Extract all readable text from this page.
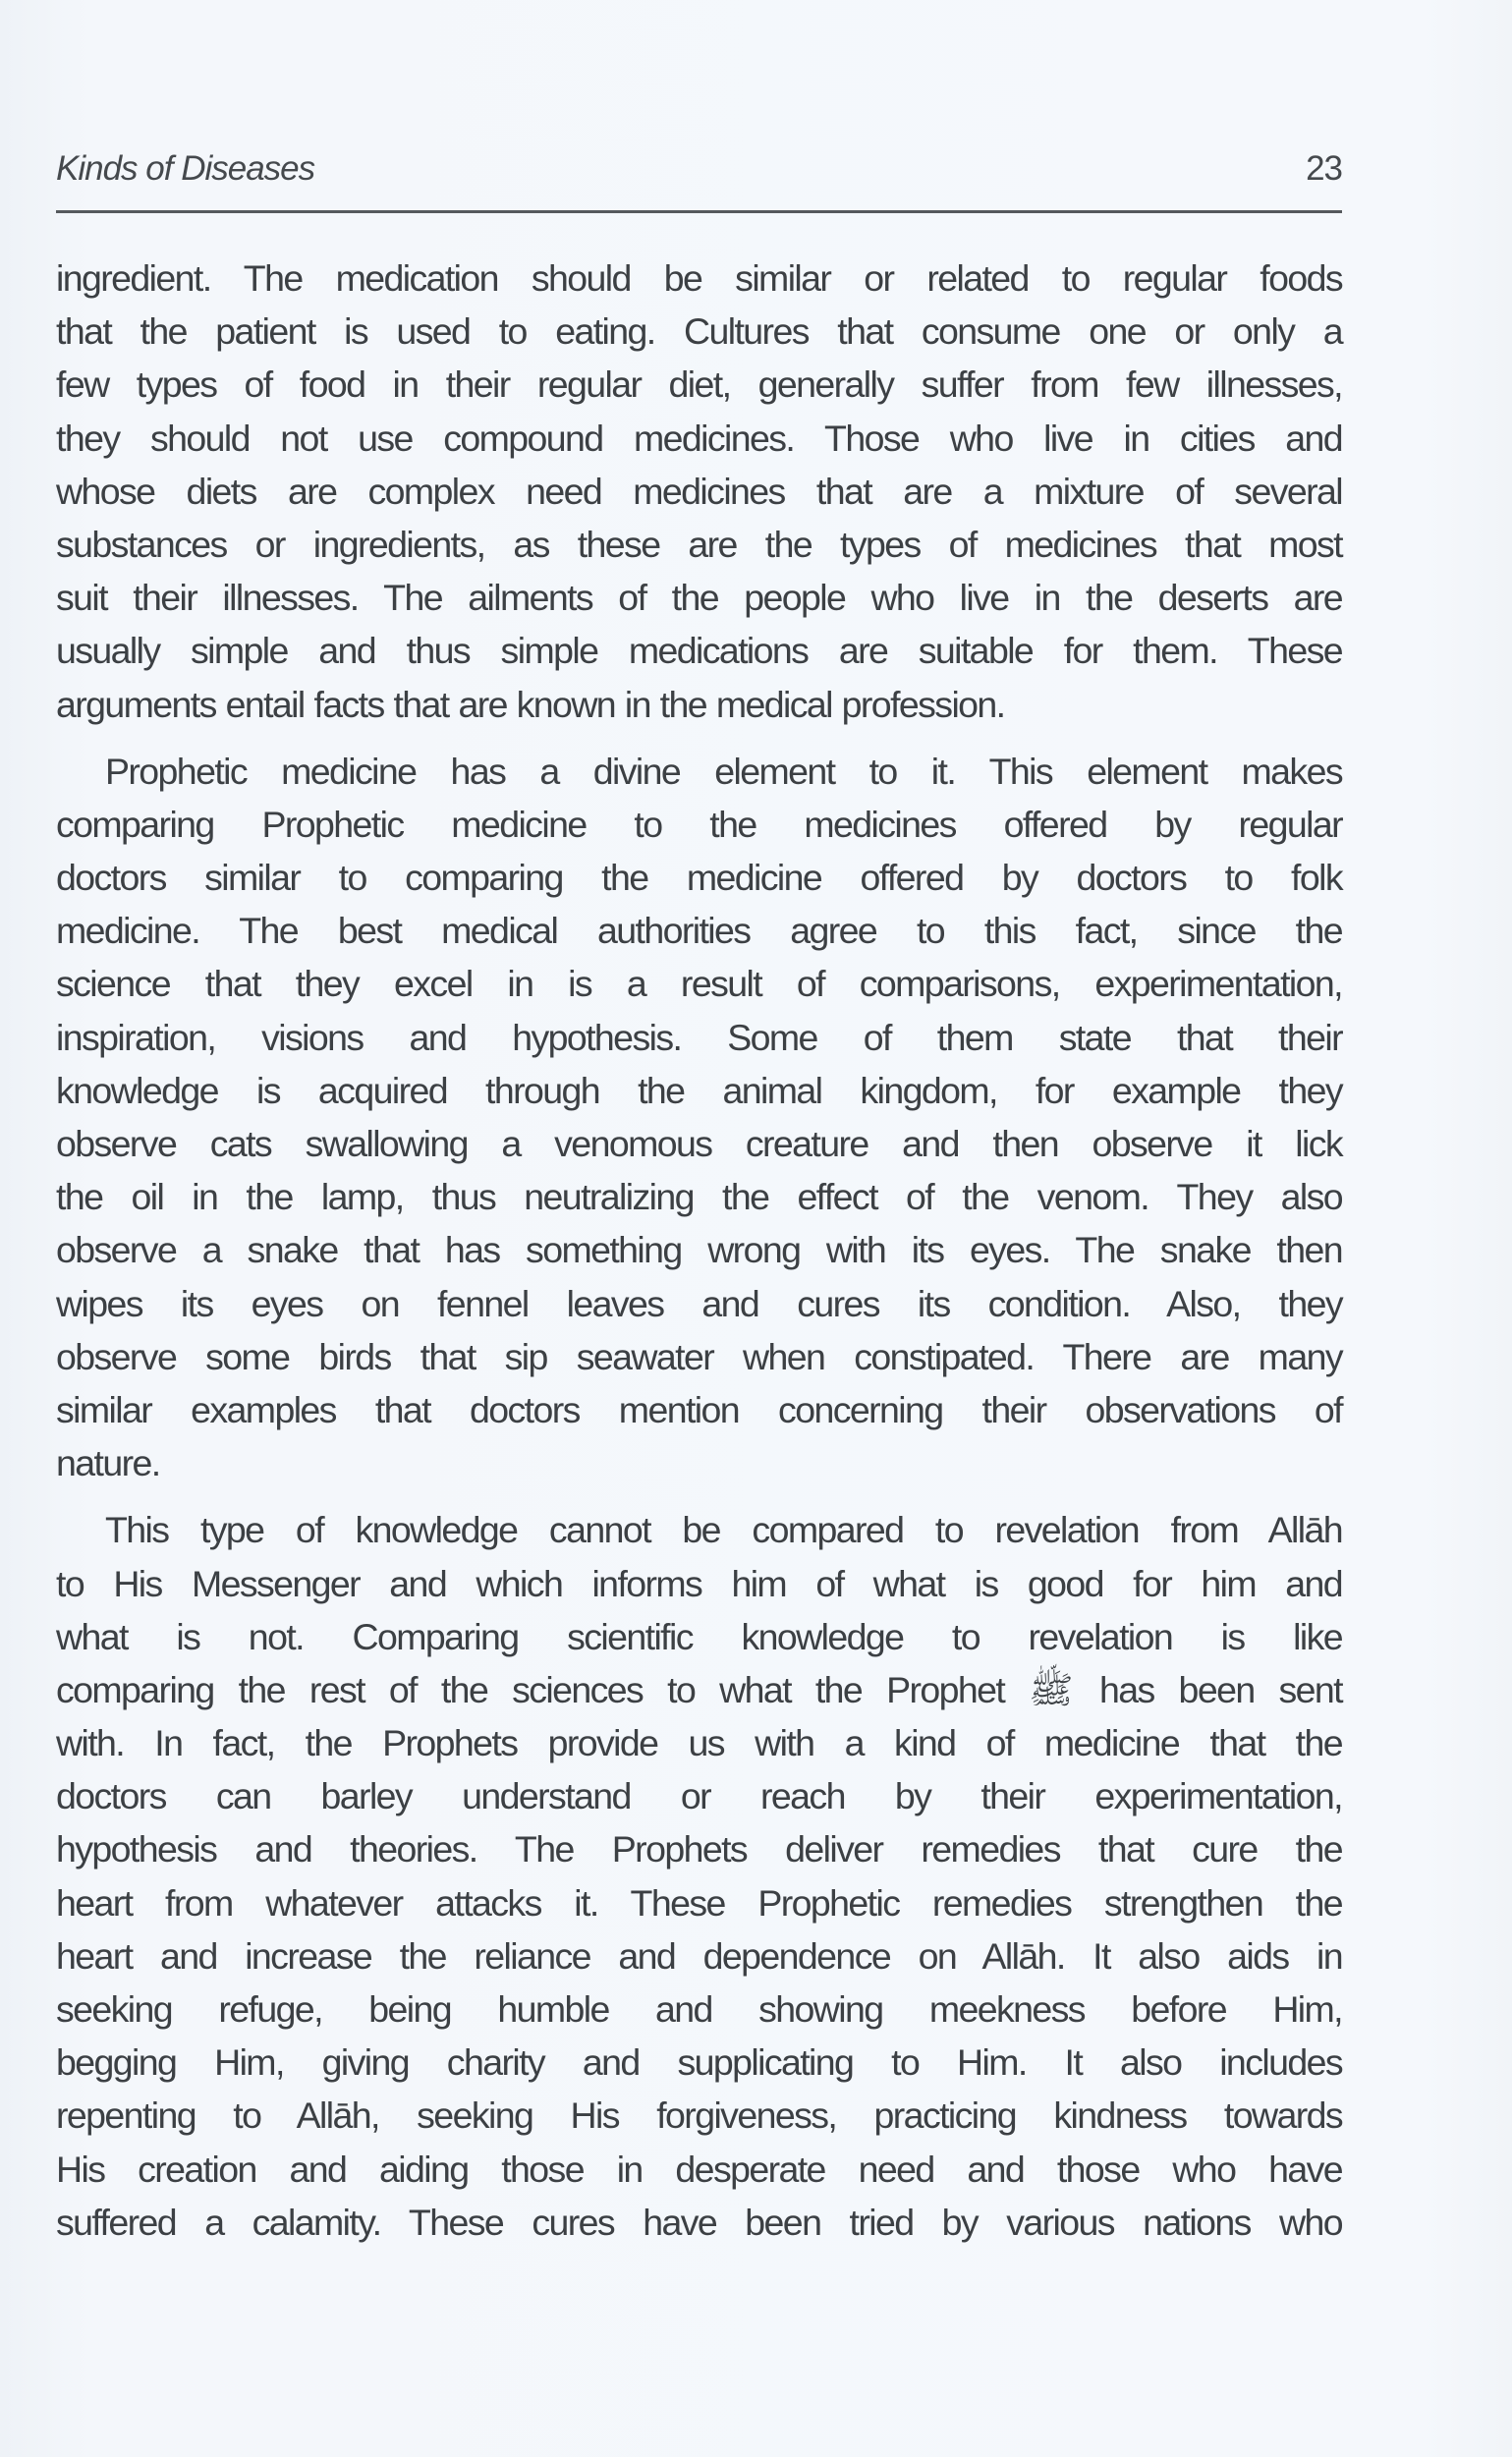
Kinds of Diseases	23

ingredient. The medication should be similar or related to regular foods
that the patient is used to eating. Cultures that consume one or only a
few types of food in their regular diet, generally suffer from few illnesses,
they should not use compound medicines. Those who live in cities and
whose diets are complex need medicines that are a mixture of several
substances or ingredients, as these are the types of medicines that most
suit their illnesses. The ailments of the people who live in the deserts are
usually simple and thus simple medications are suitable for them. These
arguments entail facts that are known in the medical profession.

Prophetic medicine has a divine element to it. This element makes
comparing Prophetic medicine to the medicines offered by regular
doctors similar to comparing the medicine offered by doctors to folk
medicine. The best medical authorities agree to this fact, since the
science that they excel in is a result of comparisons, experimentation,
inspiration, visions and hypothesis. Some of them state that their
knowledge is acquired through the animal kingdom, for example they
observe cats swallowing a venomous creature and then observe it lick
the oil in the lamp, thus neutralizing the effect of the venom. They also
observe a snake that has something wrong with its eyes. The snake then
wipes its eyes on fennel leaves and cures its condition. Also, they
observe some birds that sip seawater when constipated. There are many
similar examples that doctors mention concerning their observations of
nature.

This type of knowledge cannot be compared to revelation from Allāh
to His Messenger and which informs him of what is good for him and
what is not. Comparing scientific knowledge to revelation is like
comparing the rest of the sciences to what the Prophet ﷺ has been sent
with. In fact, the Prophets provide us with a kind of medicine that the
doctors can barley understand or reach by their experimentation,
hypothesis and theories. The Prophets deliver remedies that cure the
heart from whatever attacks it. These Prophetic remedies strengthen the
heart and increase the reliance and dependence on Allāh. It also aids in
seeking refuge, being humble and showing meekness before Him,
begging Him, giving charity and supplicating to Him. It also includes
repenting to Allāh, seeking His forgiveness, practicing kindness towards
His creation and aiding those in desperate need and those who have
suffered a calamity. These cures have been tried by various nations who
